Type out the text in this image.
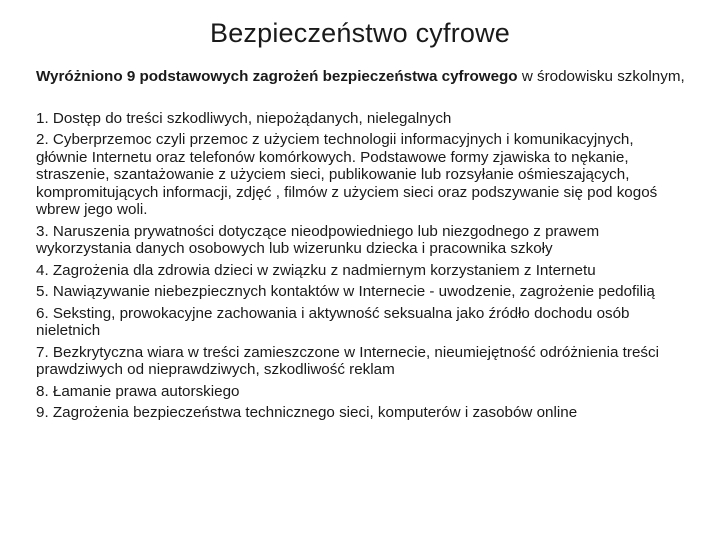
Bezpieczeństwo cyfrowe

Wyróżniono 9 podstawowych zagrożeń bezpieczeństwa cyfrowego w środowisku szkolnym,

1. Dostęp do treści szkodliwych, niepożądanych, nielegalnych
2. Cyberprzemoc czyli przemoc z użyciem technologii informacyjnych i komunikacyjnych, głównie Internetu oraz telefonów komórkowych. Podstawowe formy zjawiska to nękanie, straszenie, szantażowanie z użyciem sieci, publikowanie lub rozsyłanie ośmieszających, kompromitujących informacji, zdjęć , filmów z użyciem sieci oraz podszywanie się pod kogoś wbrew jego woli.
3. Naruszenia prywatności dotyczące nieodpowiedniego lub niezgodnego z prawem wykorzystania danych osobowych lub wizerunku dziecka i pracownika szkoły
4. Zagrożenia dla zdrowia dzieci w związku z nadmiernym korzystaniem z Internetu
5. Nawiązywanie niebezpiecznych kontaktów w Internecie - uwodzenie, zagrożenie pedofilią
6. Seksting, prowokacyjne zachowania i aktywność seksualna jako źródło dochodu osób nieletnich
7. Bezkrytyczna wiara w treści zamieszczone w Internecie, nieumiejętność odróżnienia treści prawdziwych od nieprawdziwych, szkodliwość reklam
8. Łamanie prawa autorskiego
9. Zagrożenia bezpieczeństwa technicznego sieci, komputerów i zasobów online
